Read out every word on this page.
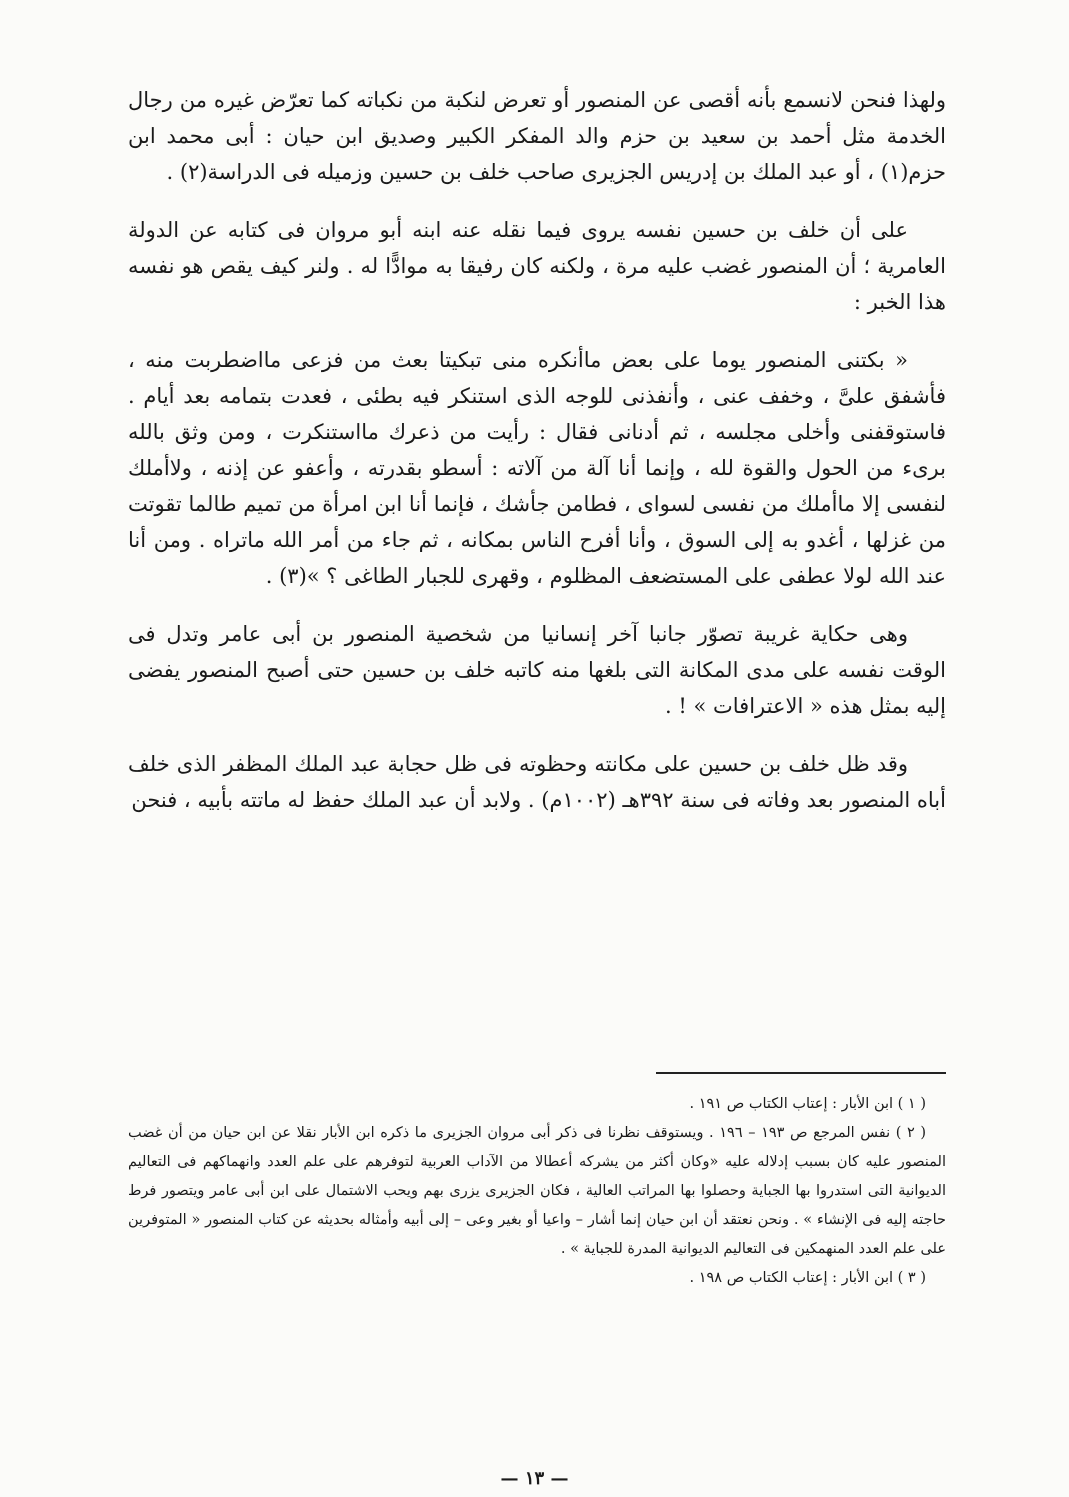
ولهذا فنحن لانسمع بأنه أقصى عن المنصور أو تعرض لنكبة من نكباته كما تعرّض غيره من رجال الخدمة مثل أحمد بن سعيد بن حزم والد المفكر الكبير وصديق ابن حيان : أبى محمد ابن حزم(١) ، أو عبد الملك بن إدريس الجزيرى صاحب خلف بن حسين وزميله فى الدراسة(٢) .

على أن خلف بن حسين نفسه يروى فيما نقله عنه ابنه أبو مروان فى كتابه عن الدولة العامرية ؛ أن المنصور غضب عليه مرة ، ولكنه كان رفيقا به موادًّا له . ولنر كيف يقص هو نفسه هذا الخبر :

« بكتنى المنصور يوما على بعض ماأنكره منى تبكيتا بعث من فزعى مااضطربت منه ، فأشفق علىَّ ، وخفف عنى ، وأنفذنى للوجه الذى استنكر فيه بطئى ، فعدت بتمامه بعد أيام . فاستوقفنى وأخلى مجلسه ، ثم أدنانى فقال : رأيت من ذعرك مااستنكرت ، ومن وثق بالله برىء من الحول والقوة لله ، وإنما أنا آلة من آلاته : أسطو بقدرته ، وأعفو عن إذنه ، ولاأملك لنفسى إلا ماأملك من نفسى لسواى ، فطامن جأشك ، فإنما أنا ابن امرأة من تميم طالما تقوتت من غزلها ، أغدو به إلى السوق ، وأنا أفرح الناس بمكانه ، ثم جاء من أمر الله ماتراه . ومن أنا عند الله لولا عطفى على المستضعف المظلوم ، وقهرى للجبار الطاغى ؟ »(٣) .

وهى حكاية غريبة تصوّر جانبا آخر إنسانيا من شخصية المنصور بن أبى عامر وتدل فى الوقت نفسه على مدى المكانة التى بلغها منه كاتبه خلف بن حسين حتى أصبح المنصور يفضى إليه بمثل هذه « الاعترافات » ! .

وقد ظل خلف بن حسين على مكانته وحظوته فى ظل حجابة عبد الملك المظفر الذى خلف أباه المنصور بعد وفاته فى سنة ٣٩٢هـ (١٠٠٢م) . ولابد أن عبد الملك حفظ له ماتته بأبيه ، فنحن

( ١ ) ابن الأبار : إعتاب الكتاب ص ١٩١ .

( ٢ ) نفس المرجع ص ١٩٣ – ١٩٦ . ويستوقف نظرنا فى ذكر أبى مروان الجزيرى ما ذكره ابن الأبار نقلا عن ابن حيان من أن غضب المنصور عليه كان بسبب إدلاله عليه «وكان أكثر من يشركه أعطالا من الآداب العربية لتوفرهم على علم العدد وانهماكهم فى التعاليم الديوانية التى استدروا بها الجباية وحصلوا بها المراتب العالية ، فكان الجزيرى يزرى بهم ويحب الاشتمال على ابن أبى عامر ويتصور فرط حاجته إليه فى الإنشاء » . ونحن نعتقد أن ابن حيان إنما أشار – واعيا أو بغير وعى – إلى أبيه وأمثاله بحديثه عن كتاب المنصور « المتوفرين على علم العدد المنهمكين فى التعاليم الديوانية المدرة للجباية » .

( ٣ ) ابن الأبار : إعتاب الكتاب ص ١٩٨ .

— ١٣ —
